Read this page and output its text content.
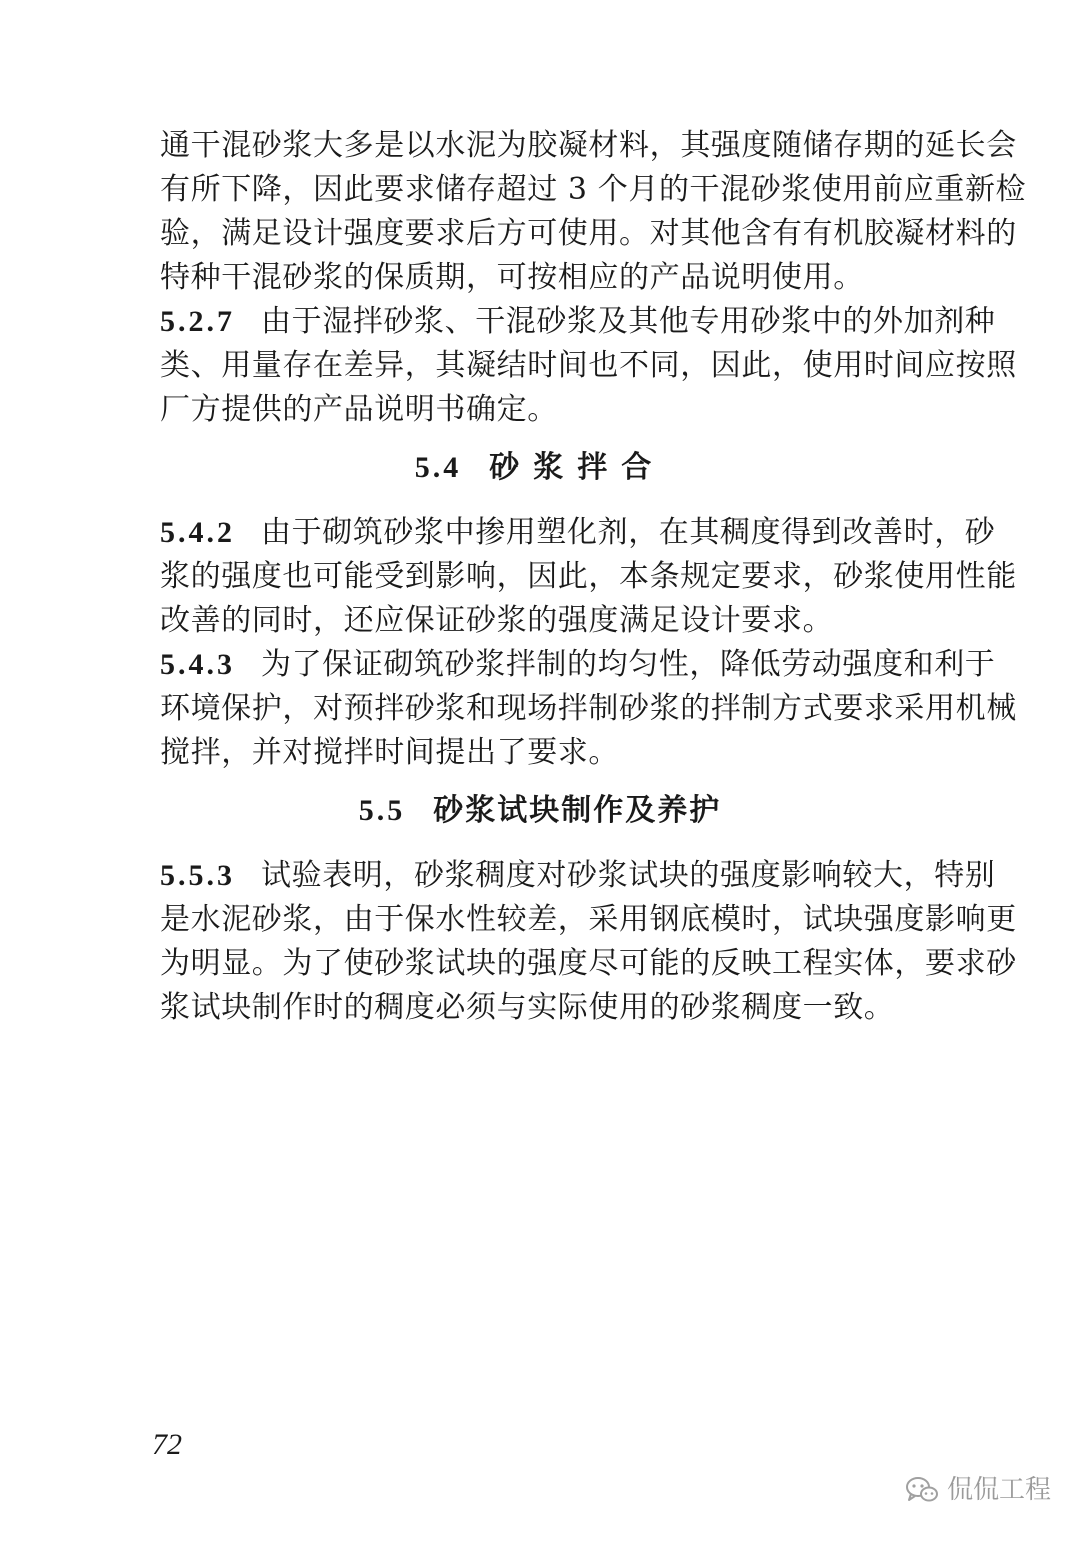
通干混砂浆大多是以水泥为胶凝材料，其强度随储存期的延长会
有所下降，因此要求储存超过 3 个月的干混砂浆使用前应重新检
验，满足设计强度要求后方可使用。对其他含有有机胶凝材料的
特种干混砂浆的保质期，可按相应的产品说明使用。
5.2.7 由于湿拌砂浆、干混砂浆及其他专用砂浆中的外加剂种
类、用量存在差异，其凝结时间也不同，因此，使用时间应按照
厂方提供的产品说明书确定。
5.4 砂浆拌合
5.4.2 由于砌筑砂浆中掺用塑化剂，在其稠度得到改善时，砂
浆的强度也可能受到影响，因此，本条规定要求，砂浆使用性能
改善的同时，还应保证砂浆的强度满足设计要求。
5.4.3 为了保证砌筑砂浆拌制的均匀性，降低劳动强度和利于
环境保护，对预拌砂浆和现场拌制砂浆的拌制方式要求采用机械
搅拌，并对搅拌时间提出了要求。
5.5 砂浆试块制作及养护
5.5.3 试验表明，砂浆稠度对砂浆试块的强度影响较大，特别
是水泥砂浆，由于保水性较差，采用钢底模时，试块强度影响更
为明显。为了使砂浆试块的强度尽可能的反映工程实体，要求砂
浆试块制作时的稠度必须与实际使用的砂浆稠度一致。
72
侃侃工程
